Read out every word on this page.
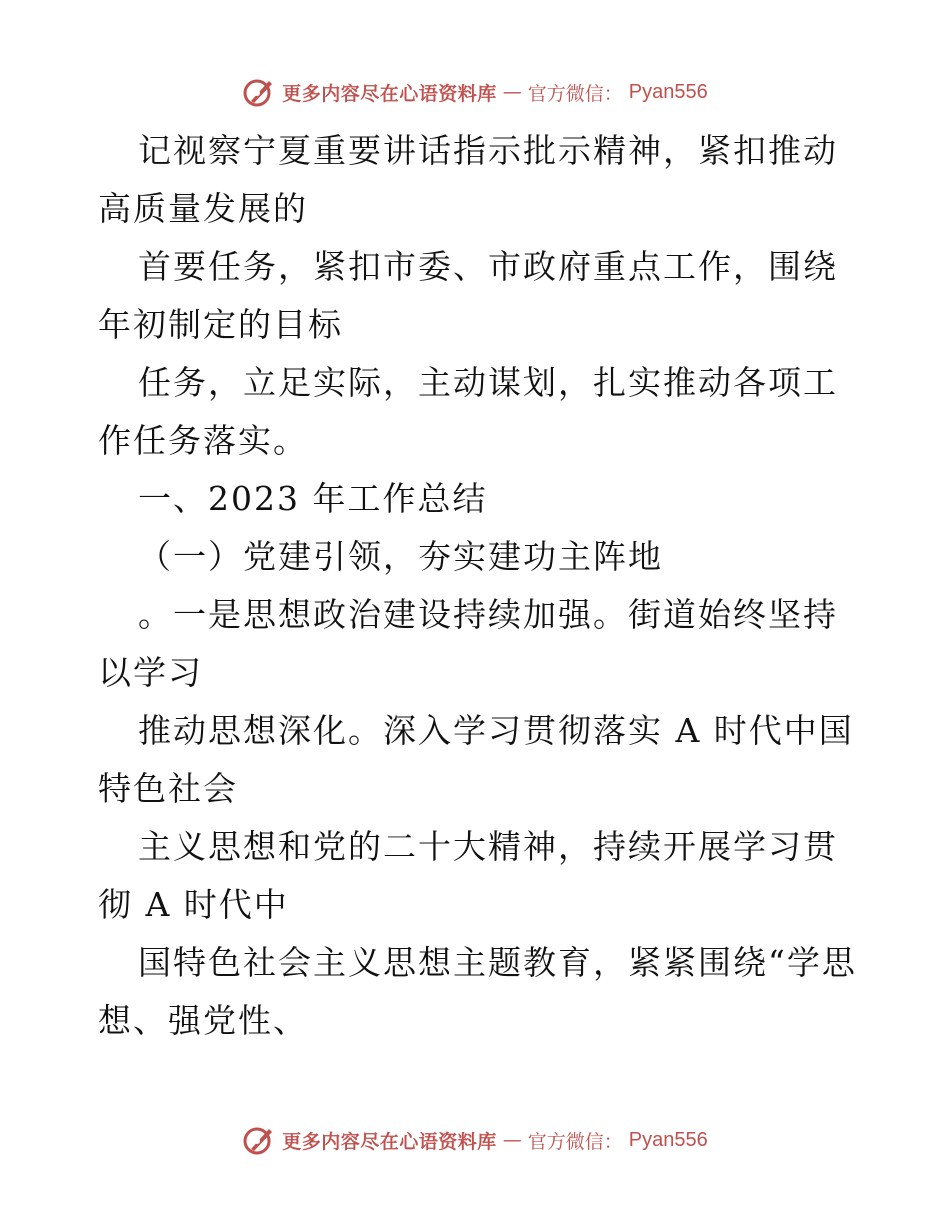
更多内容尽在心语资料库 — 官方微信： Pyan556

记视察宁夏重要讲话指示批示精神，紧扣推动高质量发展的

首要任务，紧扣市委、市政府重点工作，围绕年初制定的目标

任务，立足实际，主动谋划，扎实推动各项工作任务落实。

一、2023 年工作总结

（一）党建引领，夯实建功主阵地

。一是思想政治建设持续加强。街道始终坚持以学习

推动思想深化。深入学习贯彻落实 A 时代中国特色社会

主义思想和党的二十大精神，持续开展学习贯彻 A 时代中

国特色社会主义思想主题教育，紧紧围绕“学思想、强党性、

更多内容尽在心语资料库 — 官方微信： Pyan556
